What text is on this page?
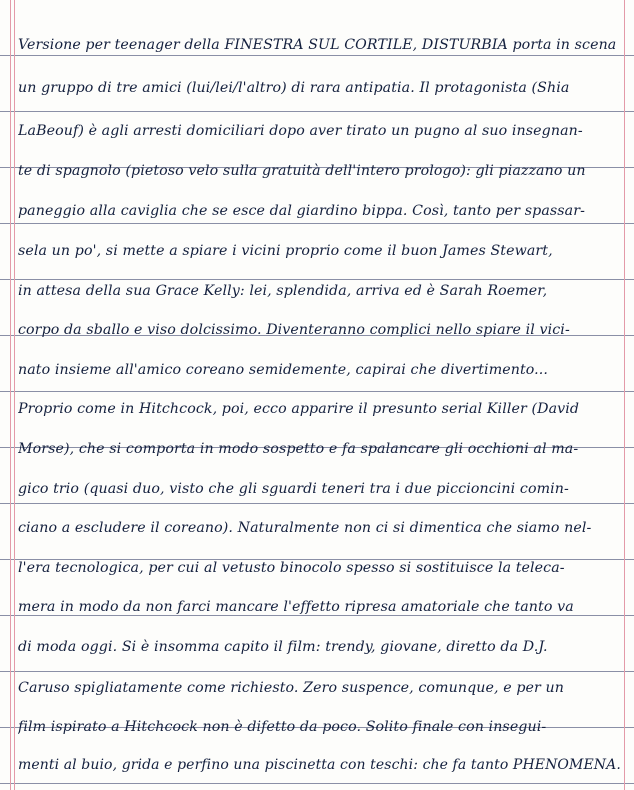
Versione per teenager della FINESTRA SUL CORTILE, DISTURBIA porta in scena
un gruppo di tre amici (lui/lei/l'altro) di rara antipatia. Il protagonista (Shia
LaBeouf) è agli arresti domiciliari dopo aver tirato un pugno al suo insegnan-
te di spagnolo (pietoso velo sulla gratuità dell'intero prologo): gli piazzano un
paneggio alla caviglia che se esce dal giardino bippa. Così, tanto per spassar-
sela un po', si mette a spiare i vicini proprio come il buon James Stewart,
in attesa della sua Grace Kelly: lei, splendida, arriva ed è Sarah Roemer,
corpo da sballo e viso dolcissimo. Diventeranno complici nello spiare il vici-
nato insieme all'amico coreano semidemente, capirai che divertimento...
Proprio come in Hitchcock, poi, ecco apparire il presunto serial Killer (David
Morse), che si comporta in modo sospetto e fa spalancare gli occhioni al ma-
gico trio (quasi duo, visto che gli sguardi teneri tra i due piccioncini comin-
ciano a escludere il coreano). Naturalmente non ci si dimentica che siamo nel-
l'era tecnologica, per cui al vetusto binocolo spesso si sostituisce la teleca-
mera in modo da non farci mancare l'effetto ripresa amatoriale che tanto va
di moda oggi. Si è insomma capito il film: trendy, giovane, diretto da D.J.
Caruso spigliatamente come richiesto. Zero suspence, comunque, e per un
film ispirato a Hitchcock non è difetto da poco. Solito finale con insegui-
menti al buio, grida e perfino una piscinetta con teschi: che fa tanto PHENOMENA.
